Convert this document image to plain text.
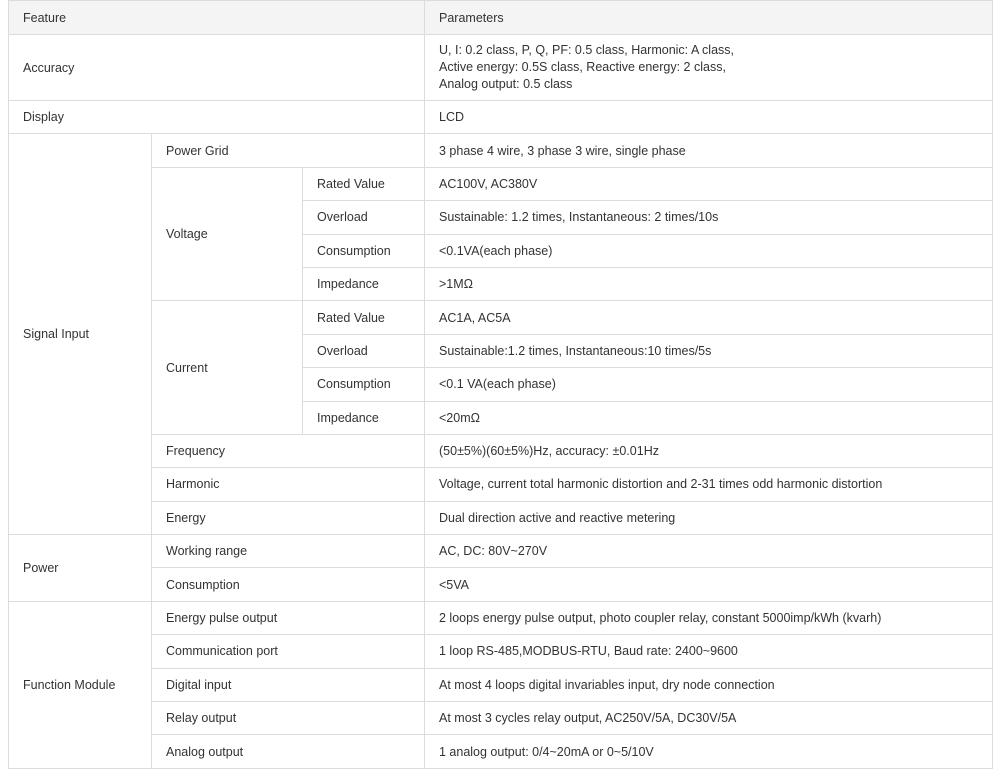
Feature			Parameters
Accuracy			U, I: 0.2 class, P, Q, PF: 0.5 class, Harmonic: A class,
Active energy: 0.5S class, Reactive energy: 2 class,
Analog output: 0.5 class

Display			LCD
Signal Input	Power Grid		3 phase 4 wire, 3 phase 3 wire, single phase
	Voltage	Rated Value	AC100V, AC380V
		Overload	Sustainable: 1.2 times, Instantaneous: 2 times/10s
		Consumption	<0.1VA(each phase)
		Impedance	>1MΩ
	Current	Rated Value	AC1A, AC5A
		Overload	Sustainable:1.2 times, Instantaneous:10 times/5s
		Consumption	<0.1 VA(each phase)
		Impedance	<20mΩ
	Frequency		(50±5%)(60±5%)Hz, accuracy: ±0.01Hz
	Harmonic		Voltage, current total harmonic distortion and 2-31 times odd harmonic distortion
	Energy		Dual direction active and reactive metering
Power	Working range		AC, DC: 80V~270V
	Consumption		<5VA
Function Module	Energy pulse output		2 loops energy pulse output, photo coupler relay, constant 5000imp/kWh (kvarh)
	Communication port		1 loop RS-485,MODBUS-RTU, Baud rate: 2400~9600
	Digital input		At most 4 loops digital invariables input, dry node connection
	Relay output		At most 3 cycles relay output, AC250V/5A, DC30V/5A
	Analog output		1 analog output: 0/4~20mA or 0~5/10V
